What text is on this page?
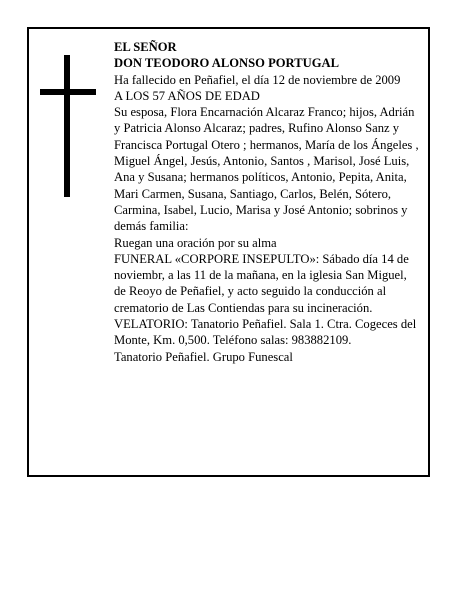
EL SEÑOR

DON TEODORO ALONSO PORTUGAL

Ha fallecido en Peñafiel, el día 12 de noviembre de 2009

A LOS 57 AÑOS DE EDAD

Su esposa, Flora Encarnación Alcaraz Franco; hijos, Adrián y Patricia Alonso Alcaraz; padres, Rufino Alonso Sanz y Francisca Portugal Otero ; hermanos, María de los Ángeles , Miguel Ángel, Jesús, Antonio, Santos , Marisol, José Luis, Ana y Susana; hermanos políticos, Antonio, Pepita, Anita, Mari Carmen, Susana, Santiago, Carlos, Belén, Sótero, Carmina, Isabel, Lucio, Marisa y José Antonio; sobrinos y demás familia:

Ruegan una oración por su alma

FUNERAL «CORPORE INSEPULTO»: Sábado día 14 de noviembr, a las 11 de la mañana, en la iglesia San Miguel, de Reoyo de Peñafiel, y acto seguido la conducción al crematorio de Las Contiendas para su incineración.

VELATORIO: Tanatorio Peñafiel. Sala 1. Ctra. Cogeces del Monte, Km. 0,500. Teléfono salas: 983882109.

Tanatorio Peñafiel. Grupo Funescal
